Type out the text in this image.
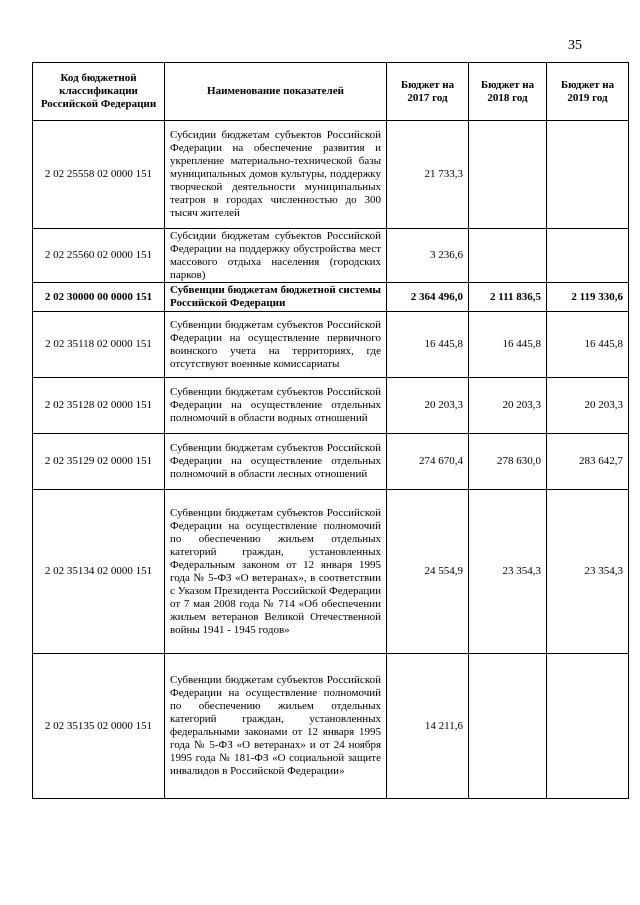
35
Код бюджетной классификации Российской Федерации	Наименование показателей	Бюджет на 2017 год	Бюджет на 2018 год	Бюджет на 2019 год
2 02 25558 02 0000 151	Субсидии бюджетам субъектов Российской Федерации на обеспечение развития и укрепление материально-технической базы муниципальных домов культуры, поддержку творческой деятельности муниципальных театров в городах численностью до 300 тысяч жителей	21 733,3		
2 02 25560 02 0000 151	Субсидии бюджетам субъектов Российской Федерации на поддержку обустройства мест массового отдыха населения (городских парков)	3 236,6		
2 02 30000 00 0000 151	Субвенции бюджетам бюджетной системы Российской Федерации	2 364 496,0	2 111 836,5	2 119 330,6
2 02 35118 02 0000 151	Субвенции бюджетам субъектов Российской Федерации на осуществление первичного воинского учета на территориях, где отсутствуют военные комиссариаты	16 445,8	16 445,8	16 445,8
2 02 35128 02 0000 151	Субвенции бюджетам субъектов Российской Федерации на осуществление отдельных полномочий в области водных отношений	20 203,3	20 203,3	20 203,3
2 02 35129 02 0000 151	Субвенции бюджетам субъектов Российской Федерации на осуществление отдельных полномочий в области лесных отношений	274 670,4	278 630,0	283 642,7
2 02 35134 02 0000 151	Субвенции бюджетам субъектов Российской Федерации на осуществление полномочий по обеспечению жильем отдельных категорий граждан, установленных Федеральным законом от 12 января 1995 года № 5-ФЗ «О ветеранах», в соответствии с Указом Президента Российской Федерации от 7 мая 2008 года № 714 «Об обеспечении жильем ветеранов Великой Отечественной войны 1941 - 1945 годов»	24 554,9	23 354,3	23 354,3
2 02 35135 02 0000 151	Субвенции бюджетам субъектов Российской Федерации на осуществление полномочий по обеспечению жильем отдельных категорий граждан, установленных федеральными законами от 12 января 1995 года № 5-ФЗ «О ветеранах» и от 24 ноября 1995 года № 181-ФЗ «О социальной защите инвалидов в Российской Федерации»	14 211,6		
